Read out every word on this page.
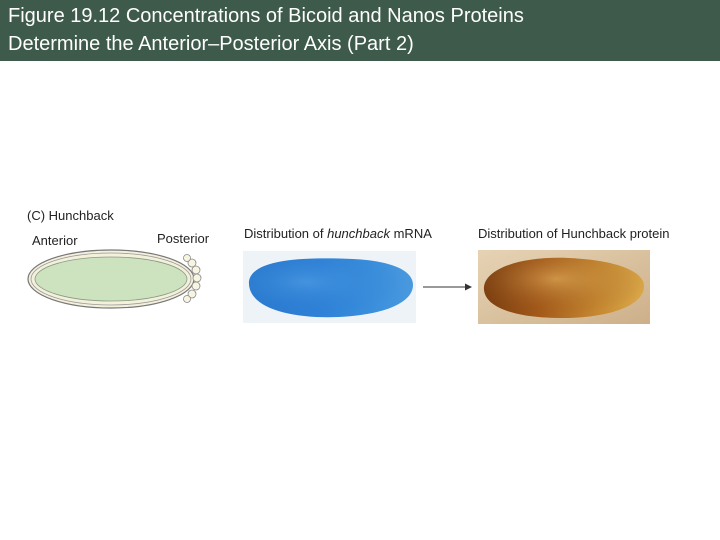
Figure 19.12 Concentrations of Bicoid and Nanos Proteins
Determine the Anterior–Posterior Axis (Part 2)
(C) Hunchback
Anterior	Posterior	Distribution of hunchback mRNA	Distribution of Hunchback protein
